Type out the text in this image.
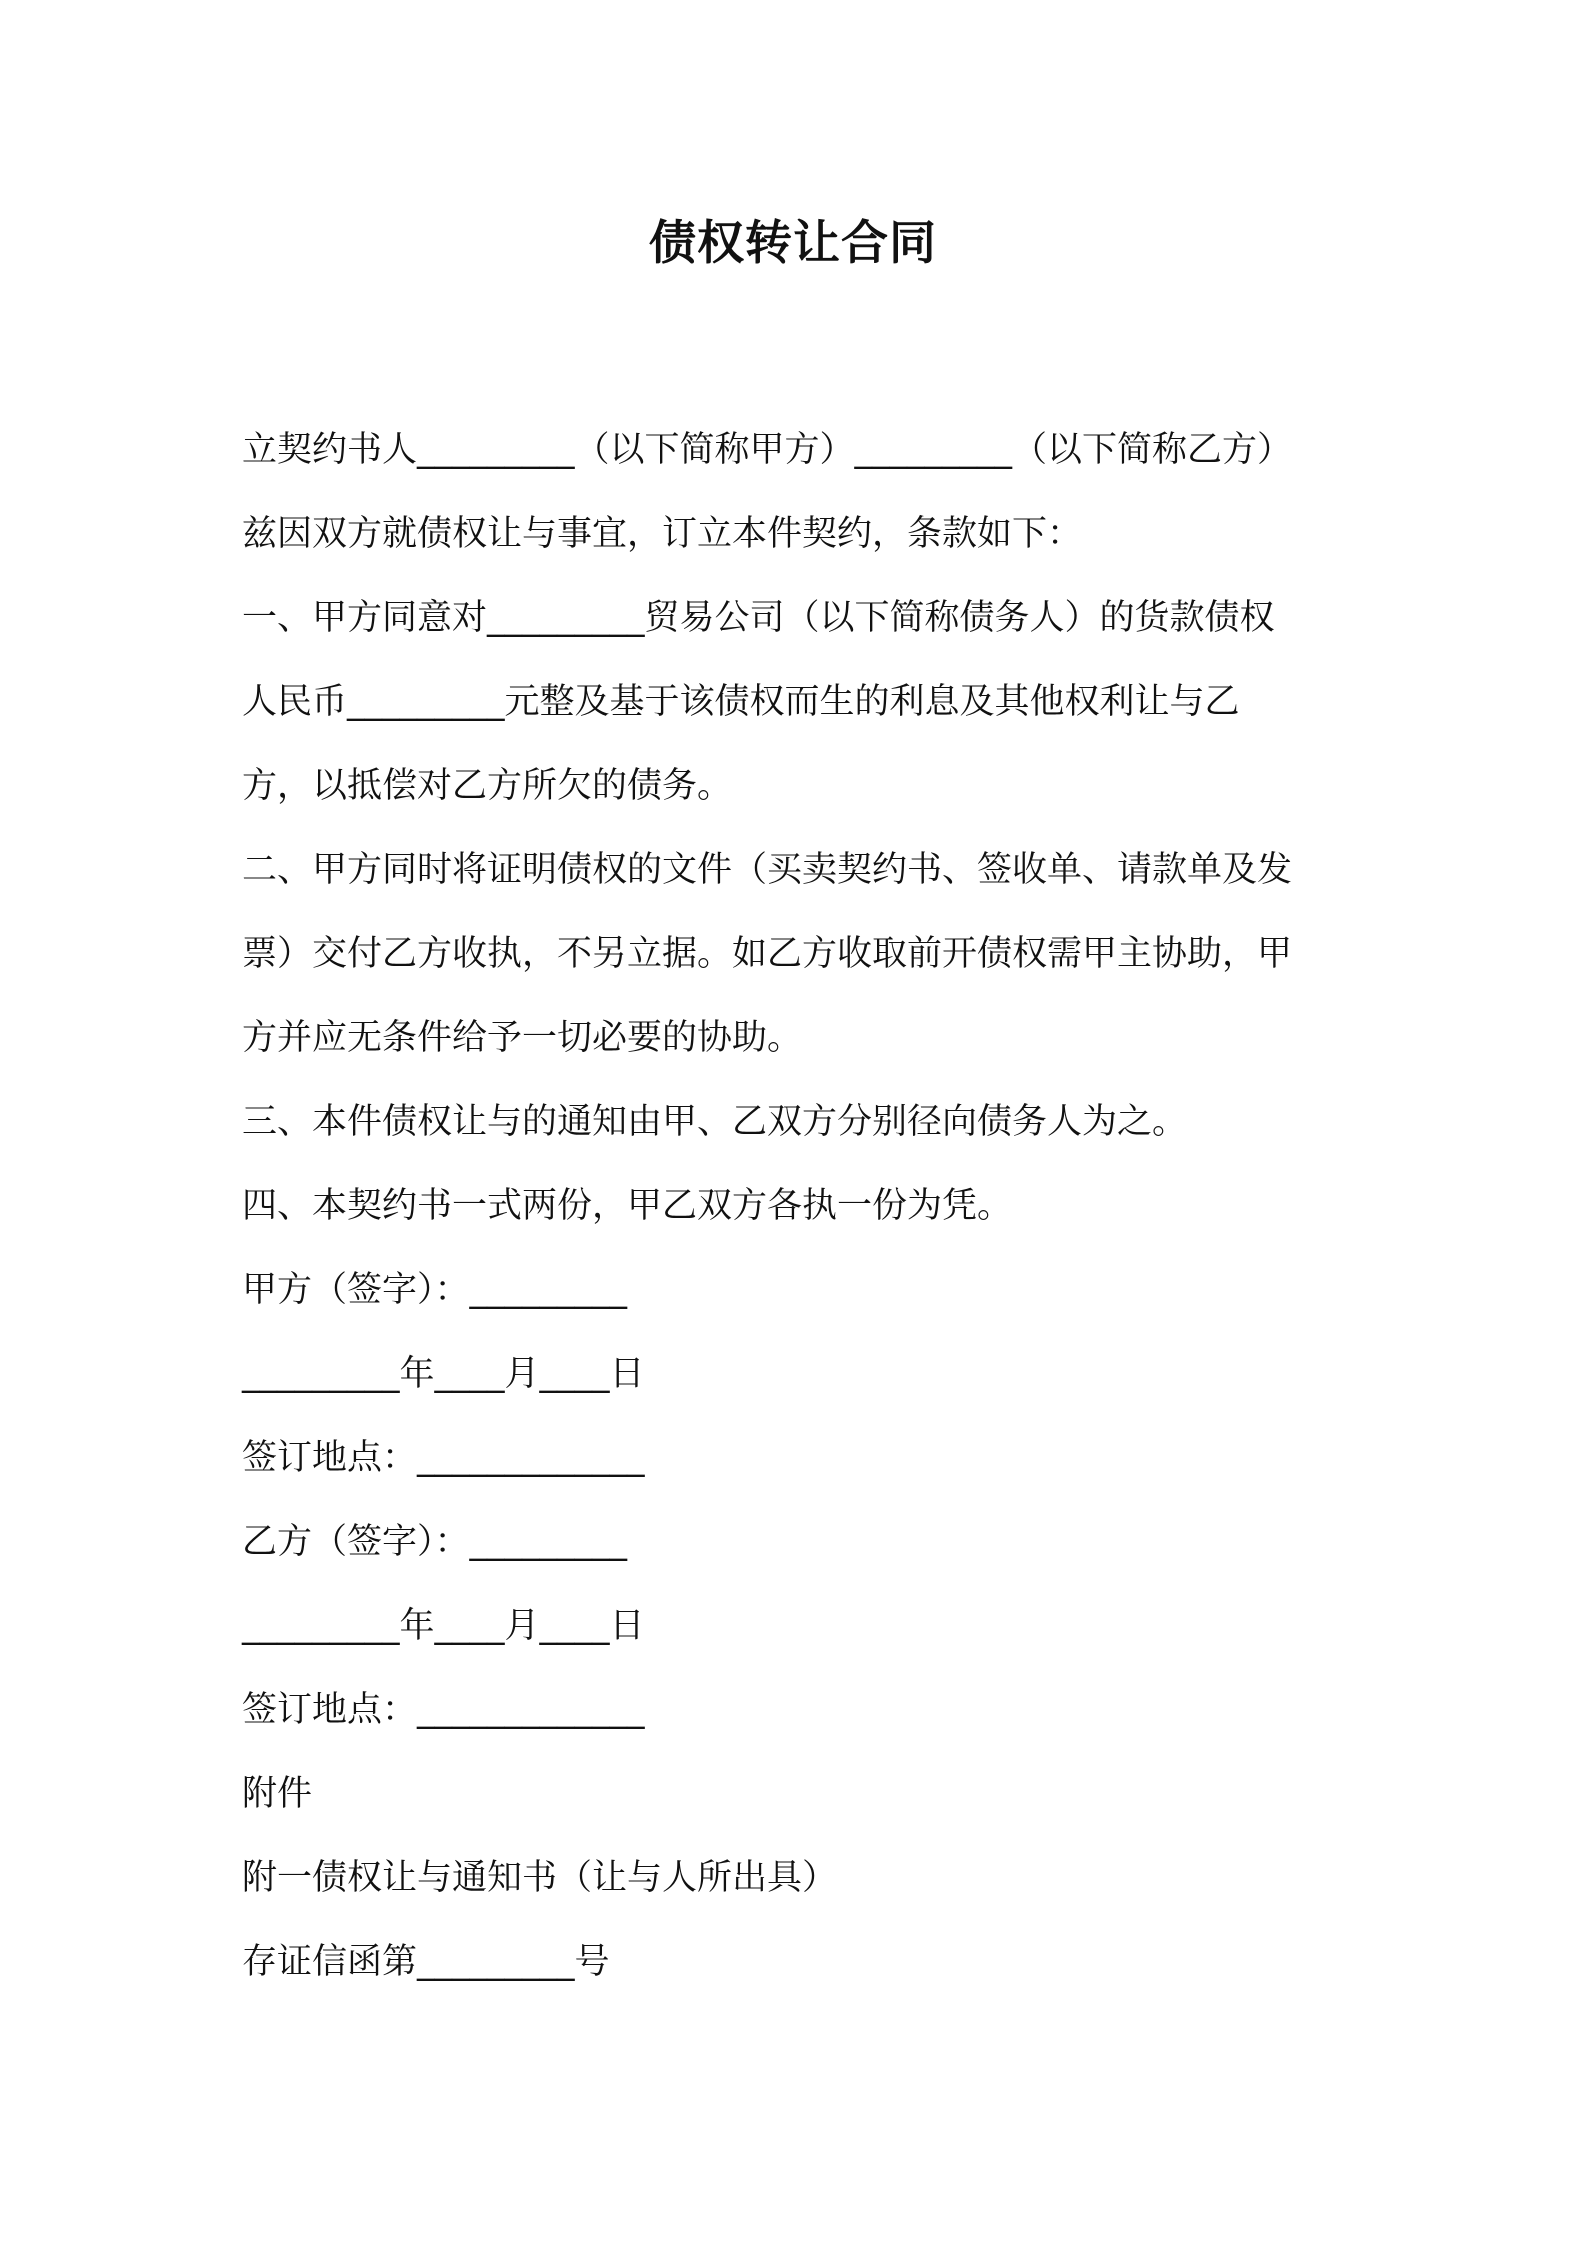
债权转让合同
立契约书人_________（以下简称甲方）_________（以下简称乙方）
兹因双方就债权让与事宜，订立本件契约，条款如下：
一、甲方同意对_________贸易公司（以下简称债务人）的货款债权
人民币_________元整及基于该债权而生的利息及其他权利让与乙
方，以抵偿对乙方所欠的债务。
二、甲方同时将证明债权的文件（买卖契约书、签收单、请款单及发
票）交付乙方收执，不另立据。如乙方收取前开债权需甲主协助，甲
方并应无条件给予一切必要的协助。
三、本件债权让与的通知由甲、乙双方分别径向债务人为之。
四、本契约书一式两份，甲乙双方各执一份为凭。
甲方（签字）：_________
_________年____月____日
签订地点：_____________
乙方（签字）：_________
_________年____月____日
签订地点：_____________
附件
附一债权让与通知书（让与人所出具）
存证信函第_________号
